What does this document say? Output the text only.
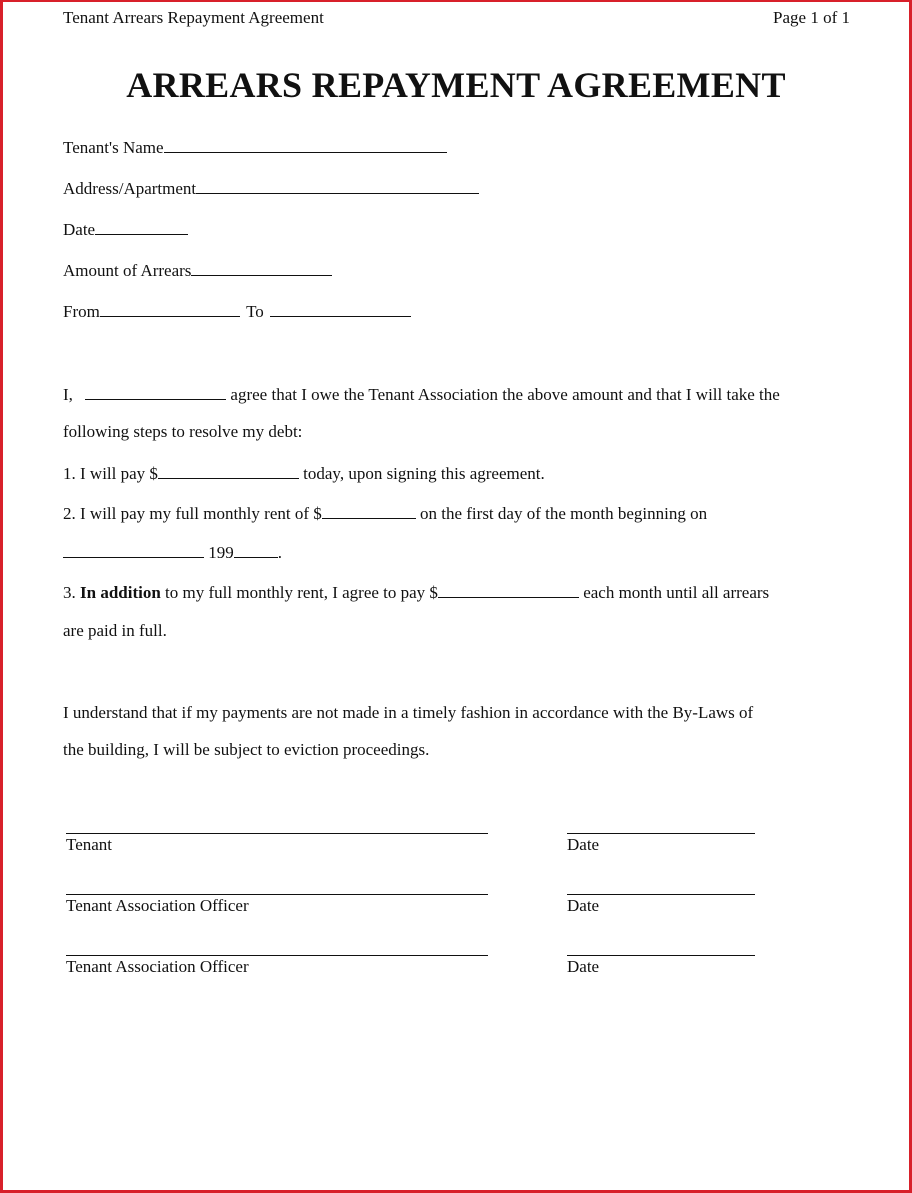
Tenant Arrears Repayment Agreement	Page 1 of 1
ARREARS REPAYMENT AGREEMENT
Tenant's Name
Address/Apartment
Date
Amount of Arrears
From	To
I,	agree that I owe the Tenant Association the above amount and that I will take the
following steps to resolve my debt:
1. I will pay $	today, upon signing this agreement.
2. I will pay my full monthly rent of $	on the first day of the month beginning on
199	.
3. In addition to my full monthly rent, I agree to pay $	each month until all arrears
are paid in full.
I understand that if my payments are not made in a timely fashion in accordance with the By-Laws of
the building, I will be subject to eviction proceedings.
Tenant	Date
Tenant Association Officer	Date
Tenant Association Officer	Date
